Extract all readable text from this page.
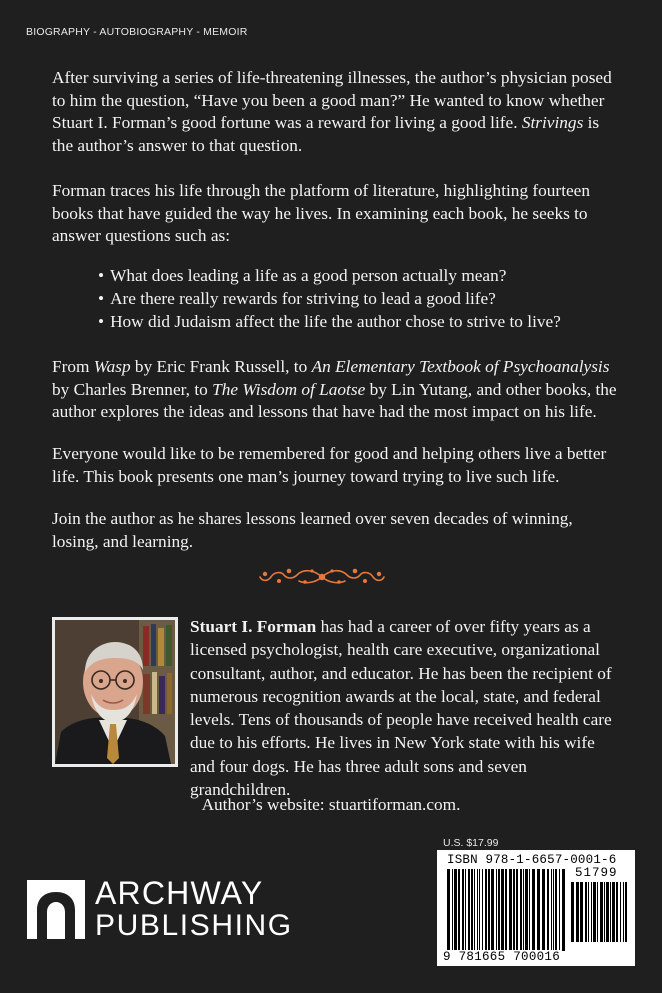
BIOGRAPHY - AUTOBIOGRAPHY - MEMOIR

After surviving a series of life-threatening illnesses, the author’s physician posed to him the question, “Have you been a good man?” He wanted to know whether Stuart I. Forman’s good fortune was a reward for living a good life. Strivings is the author’s answer to that question.

Forman traces his life through the platform of literature, highlighting fourteen books that have guided the way he lives. In examining each book, he seeks to answer questions such as:

• What does leading a life as a good person actually mean?
• Are there really rewards for striving to lead a good life?
• How did Judaism affect the life the author chose to strive to live?

From Wasp by Eric Frank Russell, to An Elementary Textbook of Psychoanalysis by Charles Brenner, to The Wisdom of Laotse by Lin Yutang, and other books, the author explores the ideas and lessons that have had the most impact on his life.

Everyone would like to be remembered for good and helping others live a better life. This book presents one man’s journey toward trying to live such life.

Join the author as he shares lessons learned over seven decades of winning, losing, and learning.

Stuart I. Forman has had a career of over fifty years as a licensed psychologist, health care executive, organizational consultant, author, and educator. He has been the recipient of numerous recognition awards at the local, state, and federal levels. Tens of thousands of people have received health care due to his efforts. He lives in New York state with his wife and four dogs. He has three adult sons and seven grandchildren.

Author’s website: stuartiforman.com.
ARCHWAY
PUBLISHING
U.S. $17.99
ISBN 978-1-6657-0001-6
51799
9 781665 700016
